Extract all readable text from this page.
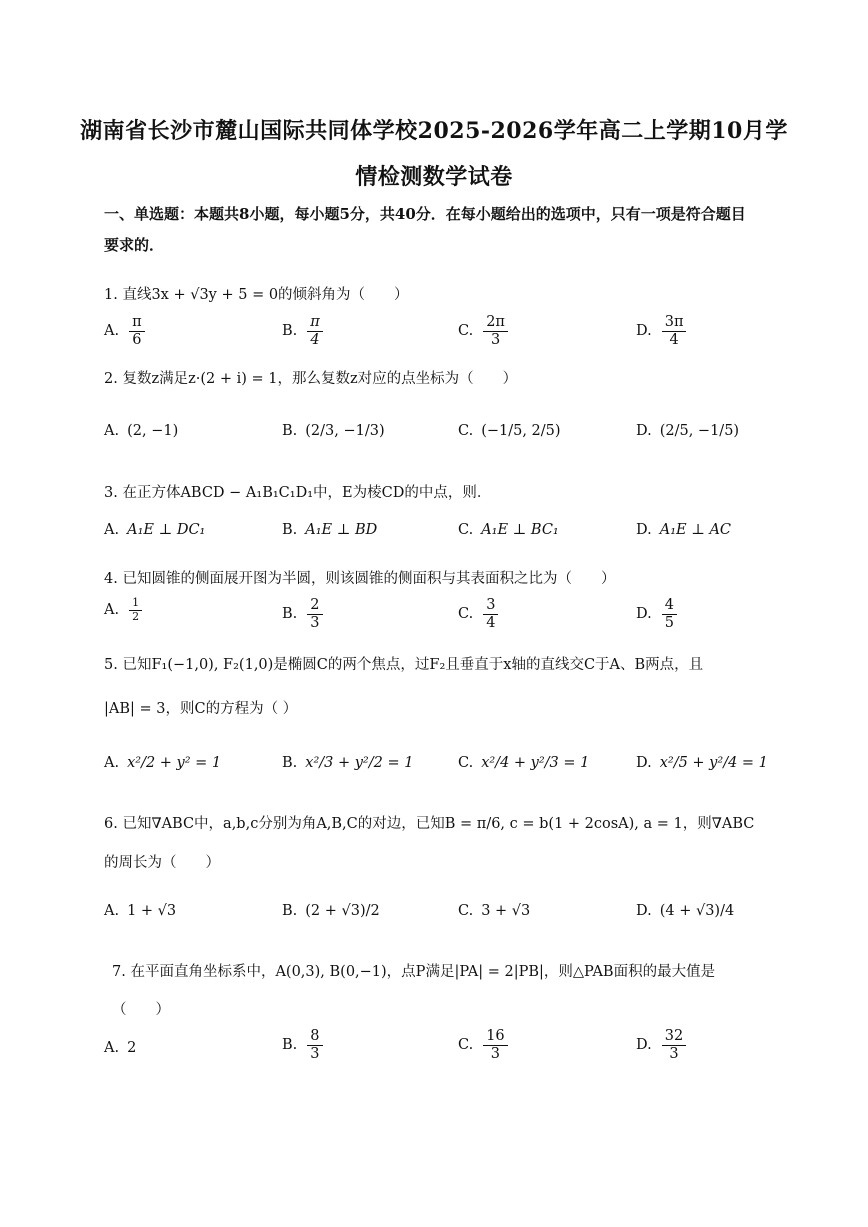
湖南省长沙市麓山国际共同体学校2025-2026学年高二上学期10月学
情检测数学试卷
一、单选题：本题共8小题，每小题5分，共40分．在每小题给出的选项中，只有一项是符合题目
要求的．
1. 直线3x + √3y + 5 = 0的倾斜角为（　　）
A. $\frac{\pi}{6}$	B. $\frac{\pi}{4}$	C. $\frac{2\pi}{3}$	D. $\frac{3\pi}{4}$
2. 复数z满足z·(2 + i) = 1，那么复数z对应的点坐标为（　　）
A. (2, −1)	B. (2/3, −1/3)	C. (−1/5, 2/5)	D. (2/5, −1/5)
3. 在正方体ABCD − A₁B₁C₁D₁中，E为棱CD的中点，则．
A. A₁E ⊥ DC₁	B. A₁E ⊥ BD	C. A₁E ⊥ BC₁	D. A₁E ⊥ AC
4. 已知圆锥的侧面展开图为半圆，则该圆锥的侧面积与其表面积之比为（　　）
A. $\frac{1}{2}$	B. $\frac{2}{3}$	C. $\frac{3}{4}$	D. $\frac{4}{5}$
5. 已知F₁(−1,0), F₂(1,0)是椭圆C的两个焦点，过F₂且垂直于x轴的直线交C于A、B两点，且
|AB| = 3，则C的方程为（ ）
A. x²/2 + y² = 1	B. x²/3 + y²/2 = 1	C. x²/4 + y²/3 = 1	D. x²/5 + y²/4 = 1
6. 已知∇ABC中，a,b,c分别为角A,B,C的对边，已知B = π/6, c = b(1 + 2cosA), a = 1，则∇ABC
的周长为（　　）
A. 1 + √3	B. (2 + √3)/2	C. 3 + √3	D. (4 + √3)/4
7. 在平面直角坐标系中，A(0,3), B(0,−1)，点P满足|PA| = 2|PB|，则△PAB面积的最大值是
（　　）
A. 2	B. $\frac{8}{3}$	C. $\frac{16}{3}$	D. $\frac{32}{3}$
